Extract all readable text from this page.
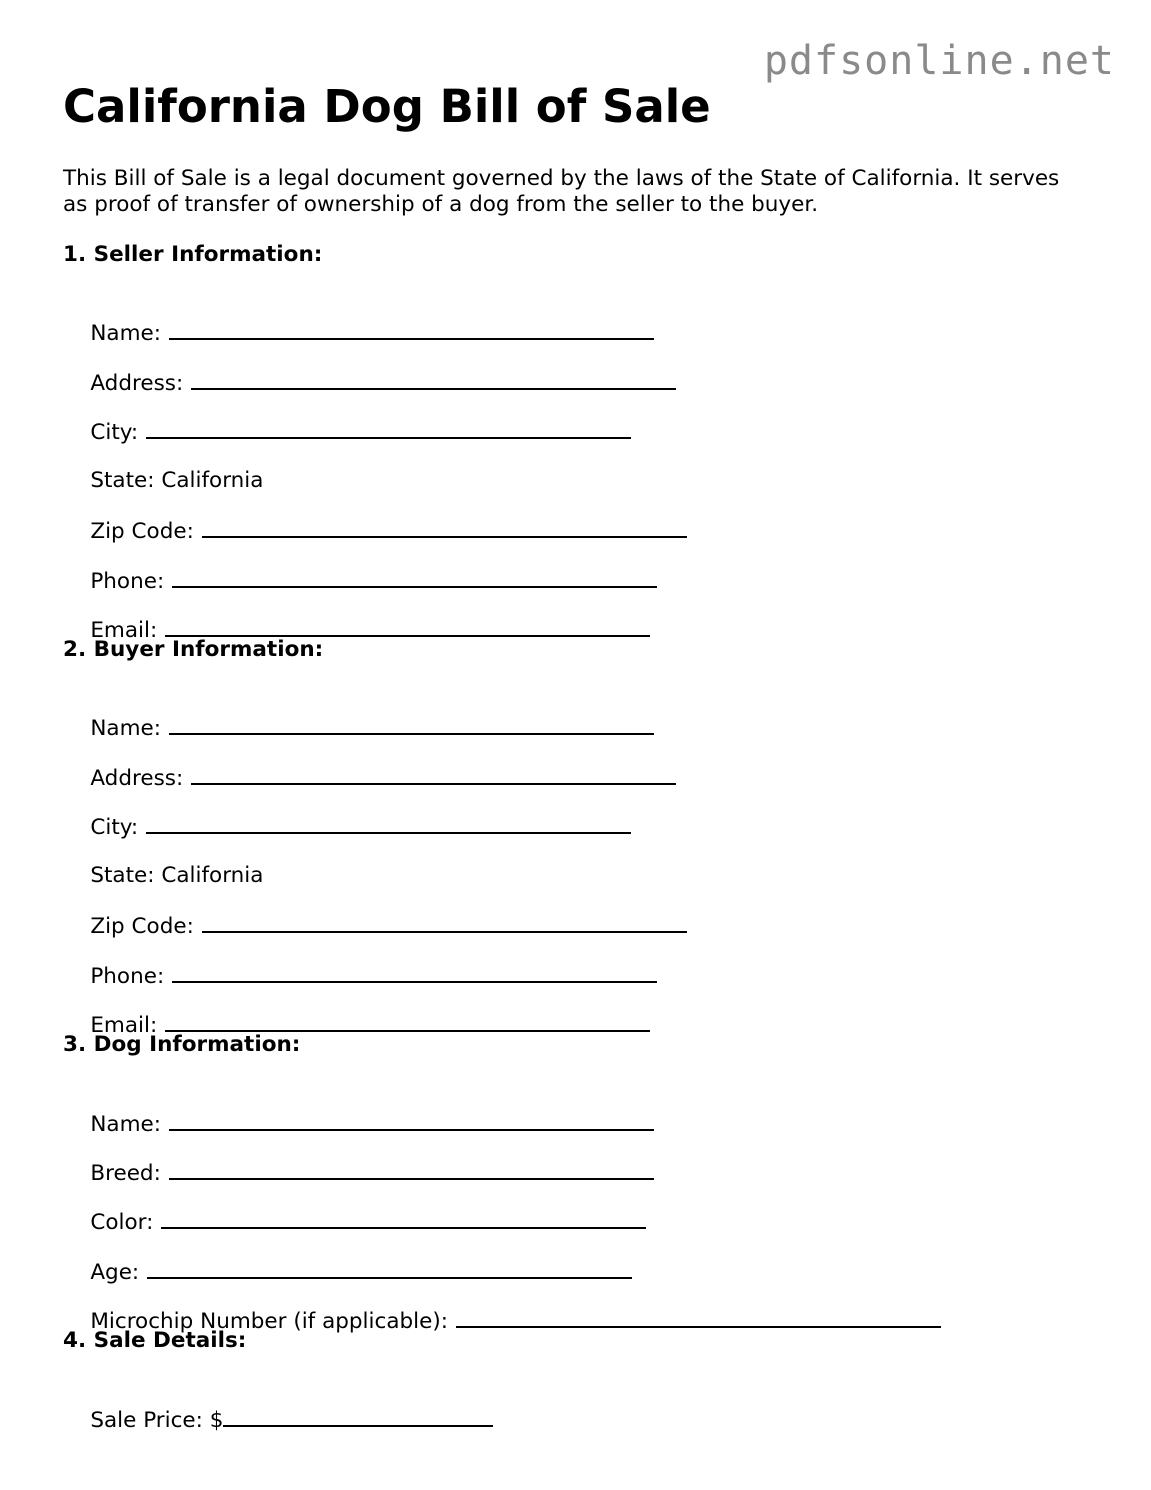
pdfsonline.net
California Dog Bill of Sale

This Bill of Sale is a legal document governed by the laws of the State of California. It serves as proof of transfer of ownership of a dog from the seller to the buyer.

1. Seller Information:

Name:

Address:

City:

State: California

Zip Code:

Phone:

Email:

2. Buyer Information:

Name:

Address:

City:

State: California

Zip Code:

Phone:

Email:

3. Dog Information:

Name:

Breed:

Color:

Age:

Microchip Number (if applicable):

4. Sale Details:

Sale Price: $
